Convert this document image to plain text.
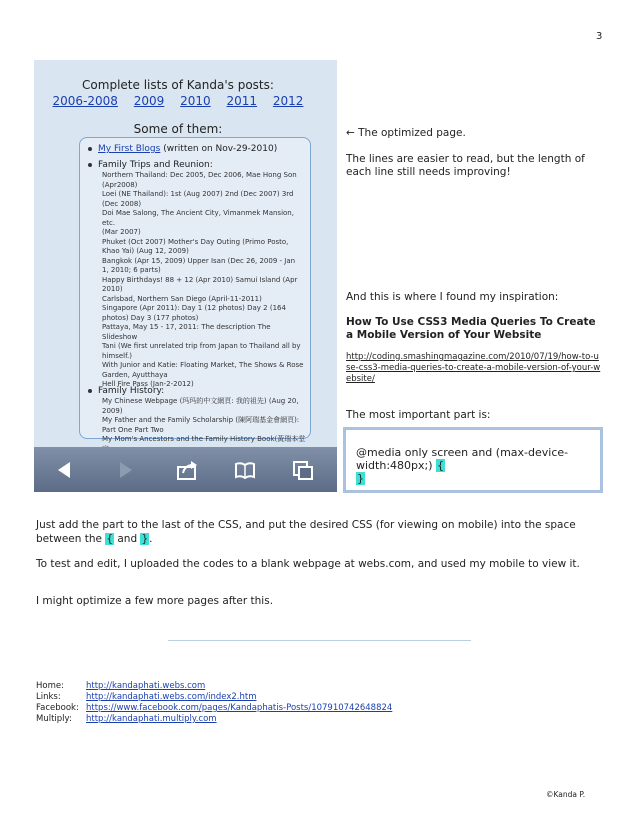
3
Complete lists of Kanda's posts:
2006-2008 2009 2010 2011 2012
Some of them:
My First Blogs (written on Nov-29-2010)
Family Trips and Reunion:
Northern Thailand: Dec 2005, Dec 2006, Mae Hong Son
(Apr2008)
Loei (NE Thailand): 1st (Aug 2007) 2nd (Dec 2007) 3rd
(Dec 2008)
Doi Mae Salong, The Ancient City, Vimanmek Mansion, etc.
(Mar 2007)
Phuket (Oct 2007) Mother's Day Outing (Primo Posto,
Khao Yai) (Aug 12, 2009)
Bangkok (Apr 15, 2009) Upper Isan (Dec 26, 2009 - Jan
1, 2010; 6 parts)
Happy Birthdays! 88 + 12 (Apr 2010) Samui Island (Apr
2010)
Carlsbad, Northern San Diego (April-11-2011)
Singapore (Apr 2011): Day 1 (12 photos) Day 2 (164
photos) Day 3 (177 photos)
Pattaya, May 15 - 17, 2011: The description The
Slideshow
Tani (We first unrelated trip from Japan to Thailand all by himself.)
With Junior and Katie: Floating Market, The Shows & Rose
Garden, Ayutthaya
Hell Fire Pass (Jan-2-2012)
Family History:
My Chinese Webpage (玛玛的中文網頁: 我的祖先) (Aug 20,
2009)
My Father and the Family Scholarship (陳阿瑞基金會網頁):
Part One Part Two
My Mom's Ancestors and the Family History Book(黃瑞本堂
← The optimized page.
The lines are easier to read, but the length of each line still needs improving!
And this is where I found my inspiration:
How To Use CSS3 Media Queries To Create a Mobile Version of Your Website
http://coding.smashingmagazine.com/2010/07/19/how-to-use-css3-media-queries-to-create-a-mobile-version-of-your-website/
The most important part is:
@media only screen and (max-device-width:480px;) {
}
Just add the part to the last of the CSS, and put the desired CSS (for viewing on mobile) into the space between the { and }.
To test and edit, I uploaded the codes to a blank webpage at webs.com, and used my mobile to view it.
I might optimize a few more pages after this.
Home:	http://kandaphati.webs.com
Links:	http://kandaphati.webs.com/index2.htm
Facebook: https://www.facebook.com/pages/Kandaphatis-Posts/107910742648824
Multiply: http://kandaphati.multiply.com
©Kanda P.
